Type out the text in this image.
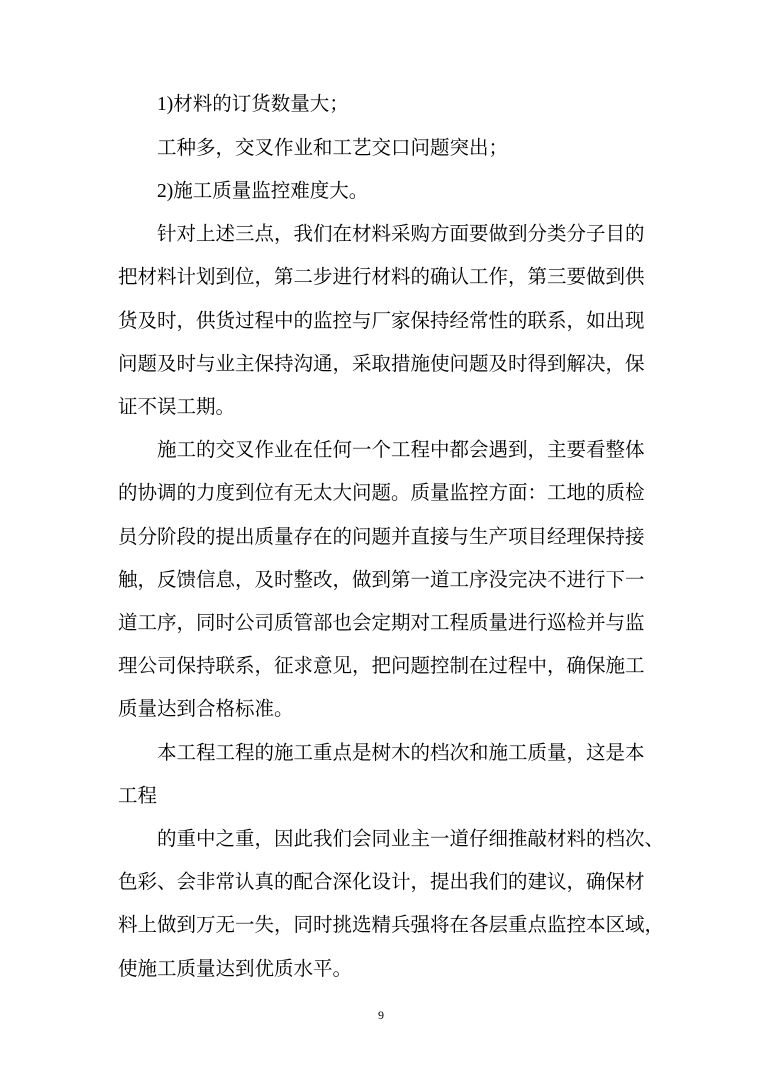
1)材料的订货数量大；
工种多，交叉作业和工艺交口问题突出；
2)施工质量监控难度大。
针对上述三点，我们在材料采购方面要做到分类分子目的
把材料计划到位，第二步进行材料的确认工作，第三要做到供
货及时，供货过程中的监控与厂家保持经常性的联系，如出现
问题及时与业主保持沟通，采取措施使问题及时得到解决，保
证不误工期。
施工的交叉作业在任何一个工程中都会遇到，主要看整体
的协调的力度到位有无太大问题。质量监控方面：工地的质检
员分阶段的提出质量存在的问题并直接与生产项目经理保持接
触，反馈信息，及时整改，做到第一道工序没完决不进行下一
道工序，同时公司质管部也会定期对工程质量进行巡检并与监
理公司保持联系，征求意见，把问题控制在过程中，确保施工
质量达到合格标准。
本工程工程的施工重点是树木的档次和施工质量，这是本
工程
的重中之重，因此我们会同业主一道仔细推敲材料的档次、
色彩、会非常认真的配合深化设计，提出我们的建议，确保材
料上做到万无一失，同时挑选精兵强将在各层重点监控本区域，
使施工质量达到优质水平。
9
